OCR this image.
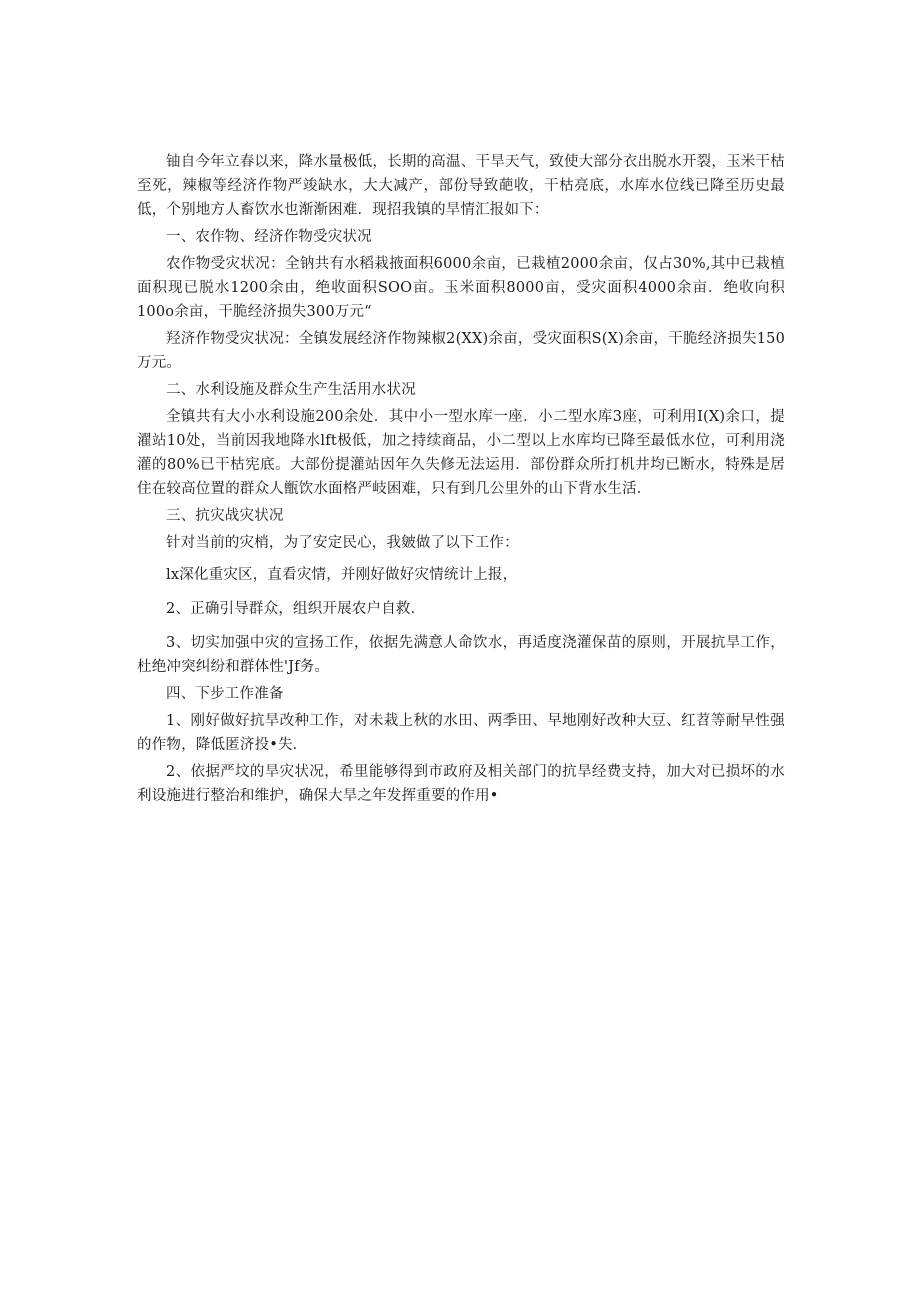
铀自今年立春以来，降水量极低，长期的高温、干旱天气，致使大部分衣出脱水开裂，玉米干枯至死，辣椒等经济作物严竣缺水，大大减产，部份导致葩收，干枯亮底，水库水位线已降至历史最低，个别地方人畜饮水也渐渐困难．现招我镇的旱情汇报如下：

一、农作物、经济作物受灾状况

农作物受灾状况：全钠共有水稻栽掖面积6000余亩，已栽植2000余亩，仅占30%,其中已栽植面积现已脱水1200余由，绝收面积SOO亩。玉米面积8000亩，受灾面积4000余亩．绝收向积100o余亩，干脆经济损失300万元“

羟济作物受灾状况：全镇发展经济作物辣椒2(XX)余亩，受灾面积S(X)余亩，干脆经济损失150万元。

二、水利设施及群众生产生活用水状况

全镇共有大小水利设施200余处．其中小一型水库一座．小二型水库3座，可利用I(X)余口，提濯站10处，当前因我地降水lft极低，加之持续商品，小二型以上水库均已降至最低水位，可利用浇灌的80%已干枯宪底。大部份提灌站因年久失修无法运用．部份群众所打机井均已断水，特殊是居住在较高位置的群众人甑饮水面格严岐困难，只有到几公里外的山下背水生活．

三、抗灾战灾状况

针对当前的灾梢，为了安定民心，我皴做了以下工作：

lx深化重灾区，直看灾情，并刚好做好灾情统计上报，

2、正确引导群众，组织开展农户自救．

3、切实加强中灾的宣扬工作，依据先满意人命饮水，再适度浇灌保苗的原则，开展抗旱工作，杜绝冲突纠纷和群体性'Jf务。

四、下步工作准备

1、刚好做好抗旱改种工作，对未栽上秋的水田、两季田、早地刚好改种大豆、红苕等耐早性强的作物，降低匿济投•失．

2、依据严坟的旱灾状况，希里能够得到市政府及相关部门的抗旱经费支持，加大对已损坏的水利设施进行整治和维护，确保大旱之年发挥重要的作用•
